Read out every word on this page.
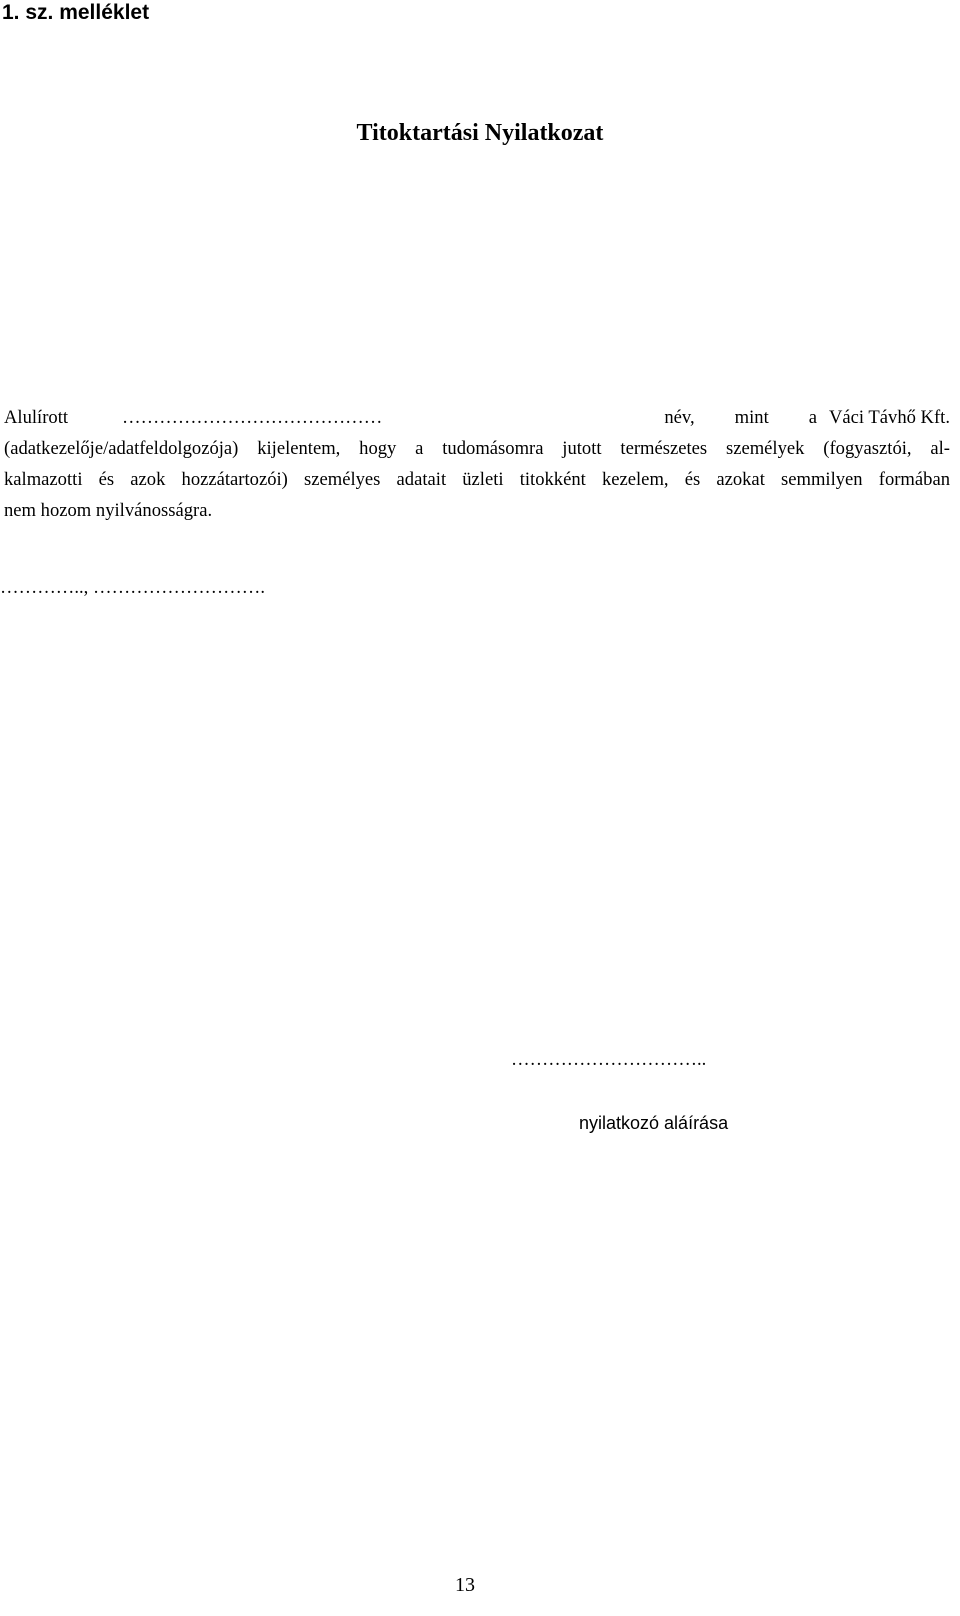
1. sz. melléklet
Titoktartási Nyilatkozat
Alulírott	……………………………………	név, mint a Váci Távhő Kft.
(adatkezelője/adatfeldolgozója) kijelentem, hogy a tudomásomra jutott természetes személyek (fogyasztói, al-
kalmazotti és azok hozzátartozói) személyes adatait üzleti titokként kezelem, és azokat semmilyen formában
nem hozom nyilvánosságra.
………….., ……………………….
…………………………..
nyilatkozó aláírása
13
